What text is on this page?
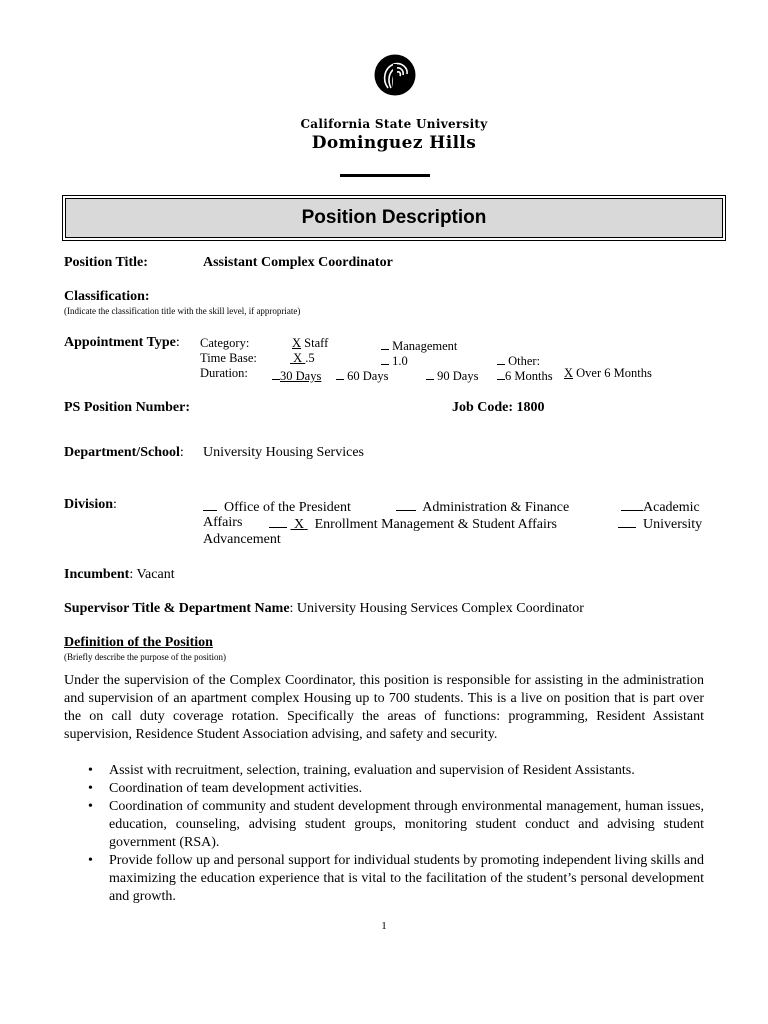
California State University
Dominguez Hills
Position Description
Position Title:	Assistant Complex Coordinator
Classification:
(Indicate the classification title with the skill level, if appropriate)
Appointment Type: Category:	X Staff	Management
Time Base:	X .5	1.0	Other:
Duration:	30 Days	60 Days	90 Days	6 Months X Over 6 Months
PS Position Number:	Job Code: 1800
Department/School: University Housing Services
Division:	Office of the President	Administration & Finance	Academic
Affairs	X Enrollment Management & Student Affairs	University
Advancement
Incumbent: Vacant
Supervisor Title & Department Name: University Housing Services Complex Coordinator
Definition of the Position
(Briefly describe the purpose of the position)
Under the supervision of the Complex Coordinator, this position is responsible for assisting in the administration and supervision of an apartment complex Housing up to 700 students. This is a live on position that is part over the on call duty coverage rotation. Specifically the areas of functions: programming, Resident Assistant supervision, Residence Student Association advising, and safety and security.
• Assist with recruitment, selection, training, evaluation and supervision of Resident Assistants.
• Coordination of team development activities.
• Coordination of community and student development through environmental management, human issues, education, counseling, advising student groups, monitoring student conduct and advising student government (RSA).
• Provide follow up and personal support for individual students by promoting independent living skills and maximizing the education experience that is vital to the facilitation of the student’s personal development and growth.
1
